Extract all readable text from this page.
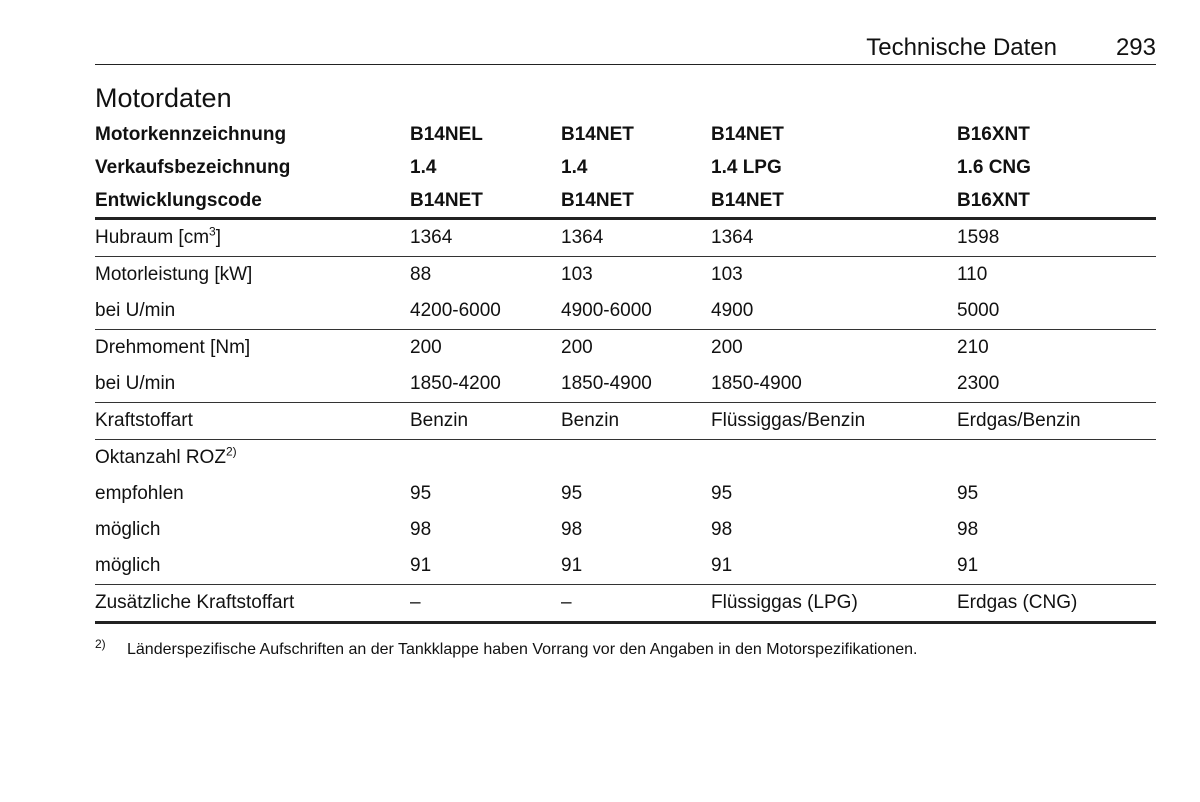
Technische Daten 293
Motordaten
Motorkennzeichnung	B14NEL	B14NET	B14NET	B16XNT
Verkaufsbezeichnung	1.4	1.4	1.4 LPG	1.6 CNG
Entwicklungscode	B14NET	B14NET	B14NET	B16XNT
Hubraum $[cm^3]$	1364	1364	1364	1598
Motorleistung [kW]	88	103	103	110
bei U/min	4200-6000	4900-6000	4900	5000
Drehmoment [Nm]	200	200	200	210
bei U/min	1850-4200	1850-4900	1850-4900	2300
Kraftstoffart	Benzin	Benzin	Flüssiggas/Benzin	Erdgas/Benzin
Oktanzahl ROZ$^{2)}$				
empfohlen	95	95	95	95
möglich	98	98	98	98
möglich	91	91	91	91
Zusätzliche Kraftstoffart	–	–	Flüssiggas (LPG)	Erdgas (CNG)
2) Länderspezifische Aufschriften an der Tankklappe haben Vorrang vor den Angaben in den Motorspezifikationen.
